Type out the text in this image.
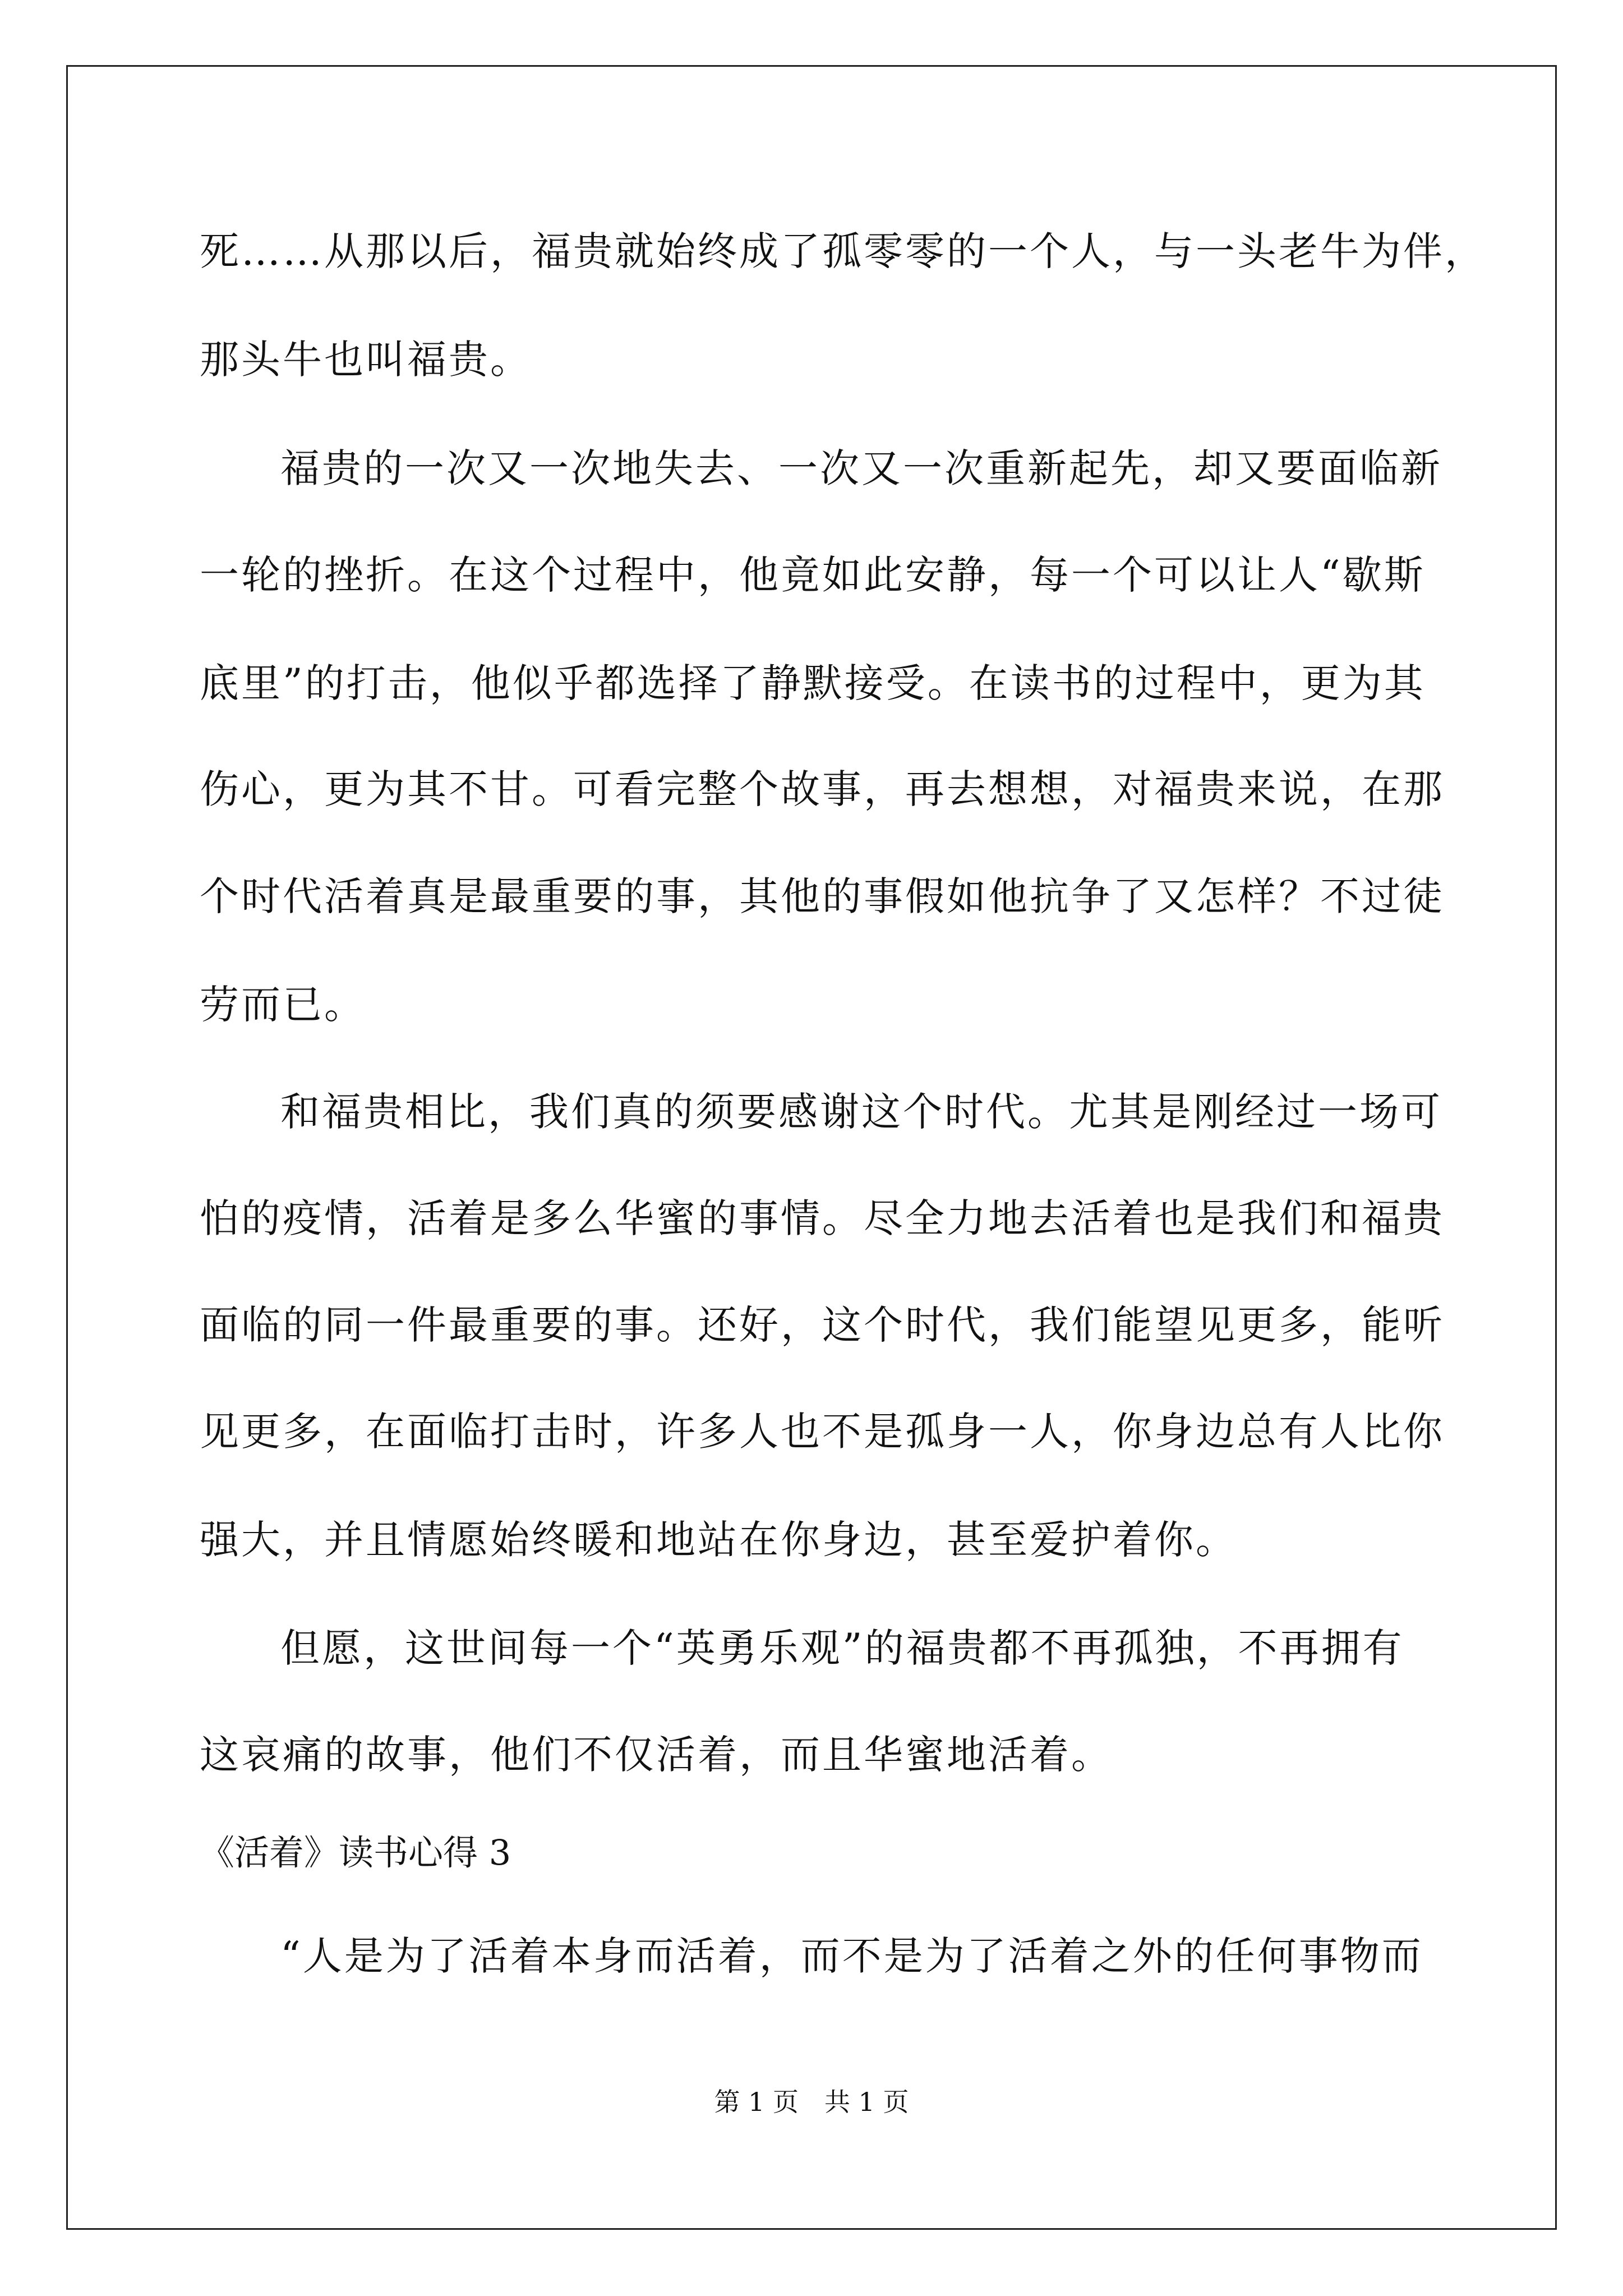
死……从那以后，福贵就始终成了孤零零的一个人，与一头老牛为伴，
那头牛也叫福贵。
福贵的一次又一次地失去、一次又一次重新起先，却又要面临新
一轮的挫折。在这个过程中，他竟如此安静，每一个可以让人“歇斯
底里”的打击，他似乎都选择了静默接受。在读书的过程中，更为其
伤心，更为其不甘。可看完整个故事，再去想想，对福贵来说，在那
个时代活着真是最重要的事，其他的事假如他抗争了又怎样？不过徒
劳而已。
和福贵相比，我们真的须要感谢这个时代。尤其是刚经过一场可
怕的疫情，活着是多么华蜜的事情。尽全力地去活着也是我们和福贵
面临的同一件最重要的事。还好，这个时代，我们能望见更多，能听
见更多，在面临打击时，许多人也不是孤身一人，你身边总有人比你
强大，并且情愿始终暖和地站在你身边，甚至爱护着你。
但愿，这世间每一个“英勇乐观”的福贵都不再孤独，不再拥有
这哀痛的故事，他们不仅活着，而且华蜜地活着。
《活着》读书心得 3
“人是为了活着本身而活着，而不是为了活着之外的任何事物而
第 1 页　共 1 页
